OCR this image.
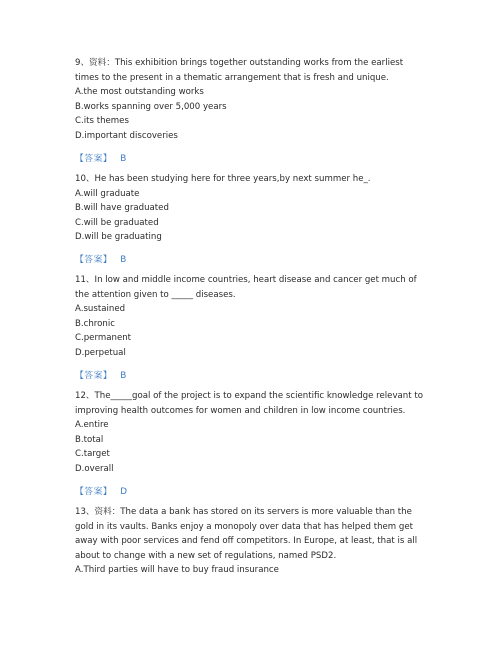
9、资料：This exhibition brings together outstanding works from the earliest times to the present in a thematic arrangement that is fresh and unique.

A.the most outstanding works
B.works spanning over 5,000 years
C.its themes
D.important discoveries
【答案】 B

10、He has been studying here for three years,by next summer he_.

A.will graduate
B.will have graduated
C.will be graduated
D.will be graduating
【答案】 B

11、In low and middle income countries, heart disease and cancer get much of the attention given to _____ diseases.

A.sustained
B.chronic
C.permanent
D.perpetual
【答案】 B

12、The_____goal of the project is to expand the scientific knowledge relevant to improving health outcomes for women and children in low income countries.

A.entire
B.total
C.target
D.overall
【答案】 D

13、资料：The data a bank has stored on its servers is more valuable than the gold in its vaults. Banks enjoy a monopoly over data that has helped them get away with poor services and fend off competitors. In Europe, at least, that is all about to change with a new set of regulations, named PSD2.

A.Third parties will have to buy fraud insurance
